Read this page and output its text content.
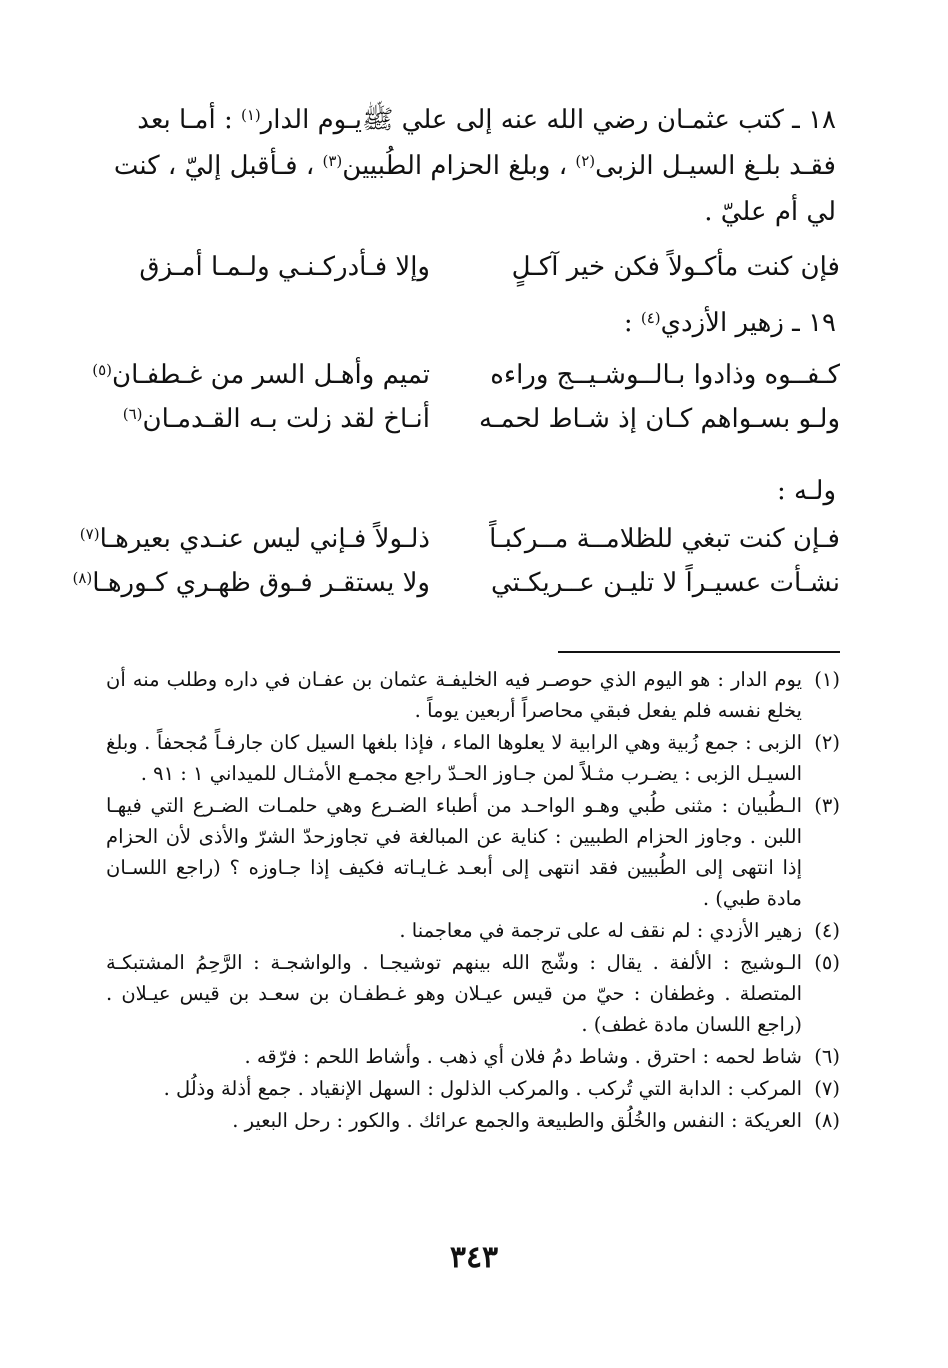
١٨ ـ كتب عثمـان رضي الله عنه إلى علي ﷺيـوم الدار$^{(١)}$ : أمـا بعد

فقـد بلـغ السيـل الزبى$^{(٢)}$ ، وبلغ الحزام الطُبيين$^{(٣)}$ ، فـأقبل إليّ ، كنت

لي أم عليّ .

فإن كنت مأكـولاً فكن خير آكـلٍ
وإلا فـأدركـنـي ولـمـا أمـزق
١٩ ـ زهير الأزدي$^{(٤)}$ :
كـفــوه وذادوا بـالــوشـيــج وراءه
تميم وأهـل السر من غـطفـان$^{(٥)}$
ولـو بسـواهم كـان إذ شـاط لحمـه
أنـاخ لقد زلت بـه القـدمـان$^{(٦)}$
ولـه :
فـإن كنت تبغي للظلامــة مــركبـاً
ذلـولاً فـإني ليس عنـدي بعيرهـا$^{(٧)}$
نشـأت عسيـراً لا تليـن عــريكـتي
ولا يستقـر فـوق ظهـري كـورهـا$^{(٨)}$

(١)
يوم الدار : هو اليوم الذي حوصـر فيه الخليفـة عثمان بن عفـان في داره وطلب منه أن يخلع نفسه فلم يفعل فبقي محاصراً أربعين يوماً .

(٢)
الزبى : جمع زُبية وهي الرابية لا يعلوها الماء ، فإذا بلغها السيل كان جارفـاً مُجحفاً . وبلغ السيـل الزبى : يضـرب مثـلاً لمن جـاوز الحـدّ راجع مجمـع الأمثـال للميداني ١ : ٩١ .

(٣)
الـطُبيان : مثنى طُبي وهـو الواحـد من أطباء الضـرع وهي حلمـات الضـرع التي فيهـا اللبن . وجاوز الحزام الطبيين : كناية عن المبالغة في تجاوزحدّ الشرّ والأذى لأن الحزام إذا انتهى إلى الطُبيين فقد انتهى إلى أبعـد غـايـاته فكيف إذا جـاوزه ؟ (راجع اللسـان مادة طبي) .

(٤)
زهير الأزدي : لم نقف له على ترجمة في معاجمنا .

(٥)
الـوشيج : الألفة . يقال : وشّج الله بينهم توشيجـا . والواشجـة : الرَّحِمُ المشتبكـة المتصلة . وغطفان : حيّ من قيس عيـلان وهو غـطفـان بن سعـد بن قيس عيـلان . (راجع اللسان مادة غطف) .

(٦)
شاط لحمه : احترق . وشاط دمُ فلان أي ذهب . وأشاط اللحم : فرّقه .

(٧)
المركب : الدابة التي تُركب . والمركب الذلول : السهل الإنقياد . جمع أذلة وذلُل .

(٨)
العريكة : النفس والخُلُق والطبيعة والجمع عرائك . والكور : رحل البعير .

٣٤٣
